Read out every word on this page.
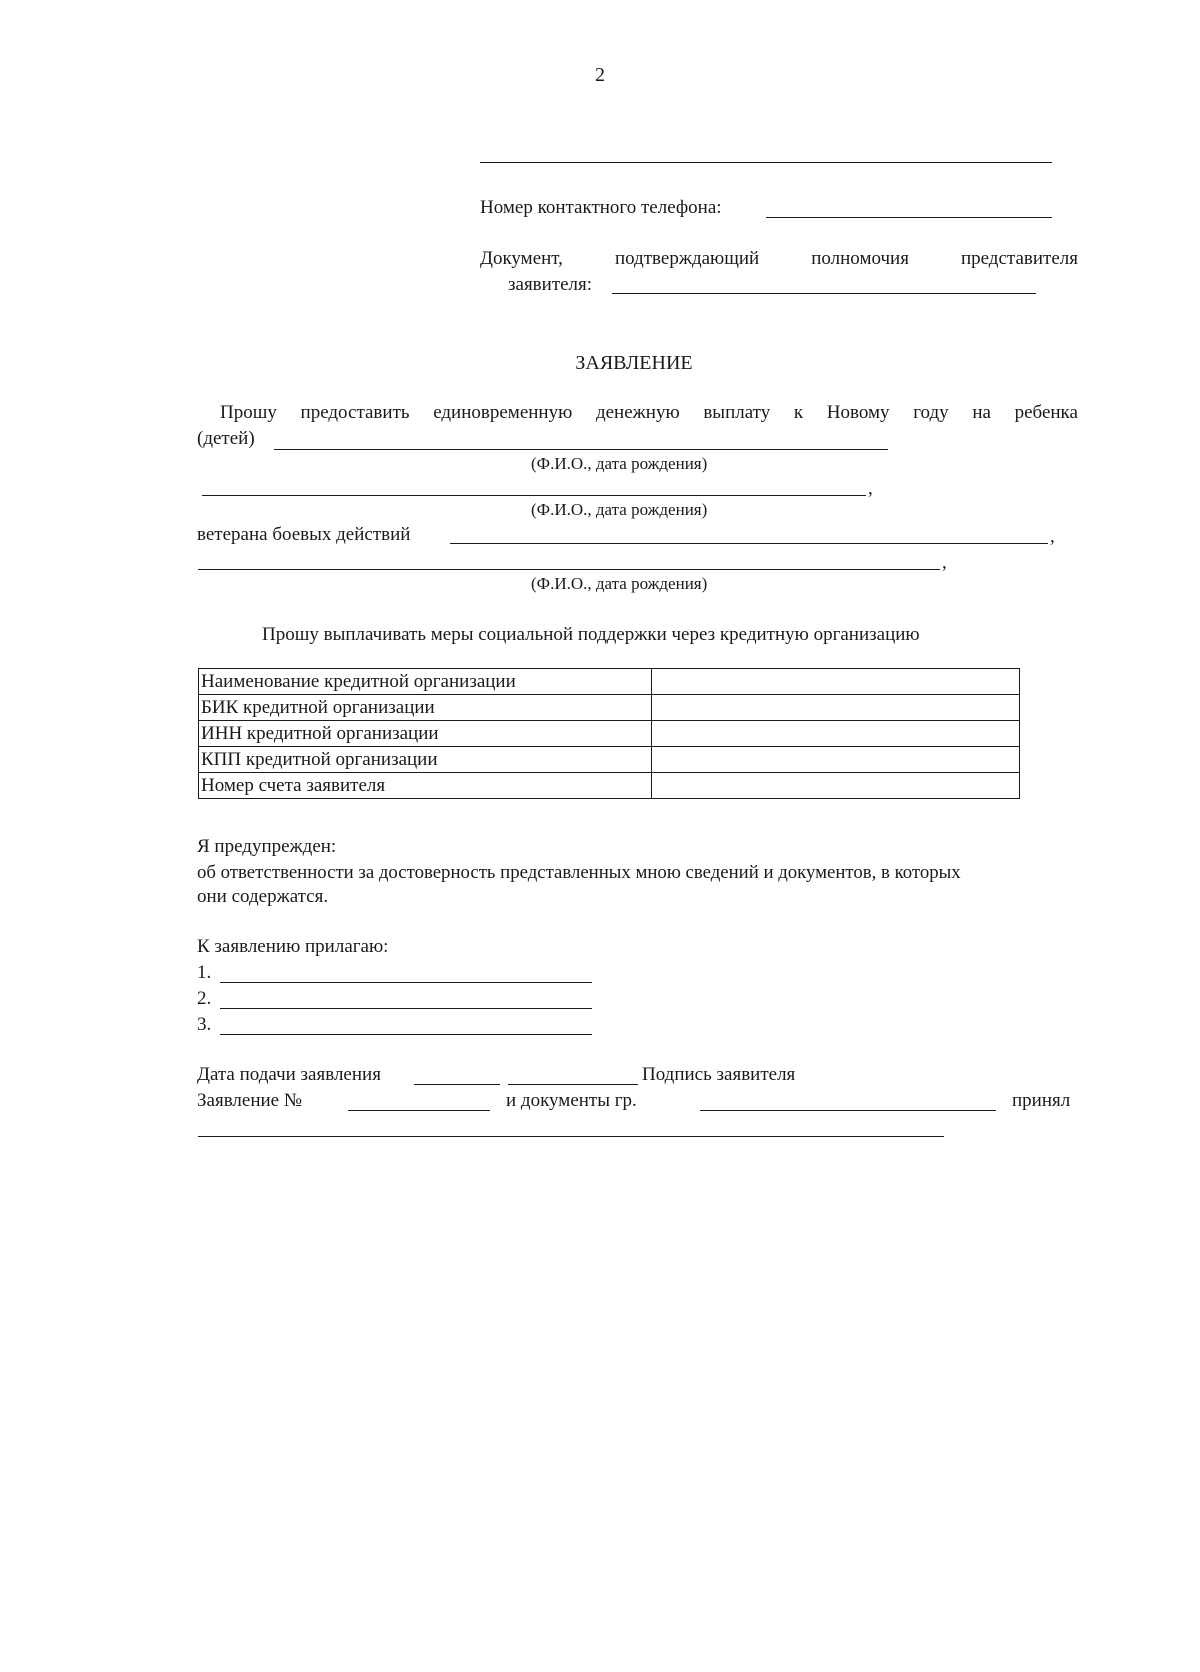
2
Номер контактного телефона:
Документ,	подтверждающий	полномочия	представителя
заявителя:
ЗАЯВЛЕНИЕ
Прошу предоставить единовременную денежную выплату к Новому году на ребенка
(детей)
(Ф.И.О., дата рождения)
,
(Ф.И.О., дата рождения)
ветерана боевых действий	,
,
(Ф.И.О., дата рождения)
Прошу выплачивать меры социальной поддержки через кредитную организацию
Наименование кредитной организации	
БИК кредитной организации	
ИНН кредитной организации	
КПП кредитной организации	
Номер счета заявителя	
Я предупрежден:
об ответственности за достоверность представленных мною сведений и документов, в которых
они содержатся.
К заявлению прилагаю:
1.
2.
3.
Дата подачи заявления	Подпись заявителя
Заявление №	и документы гр.	принял
